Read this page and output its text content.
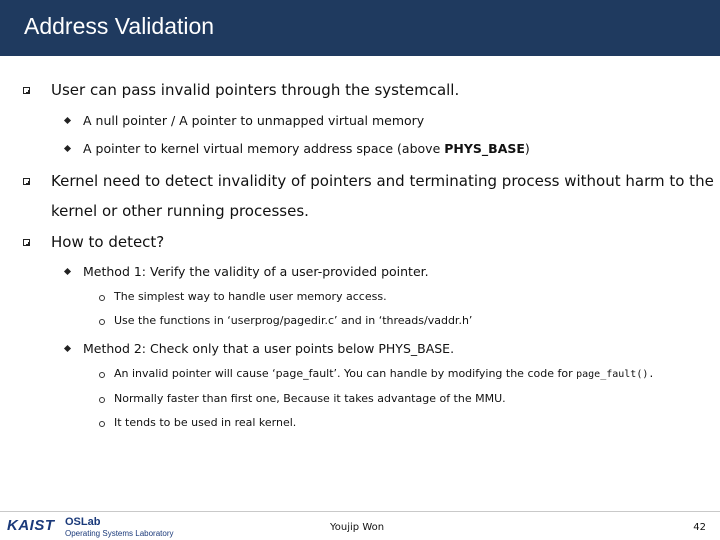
Address Validation
User can pass invalid pointers through the systemcall.
A null pointer / A pointer to unmapped virtual memory
A pointer to kernel virtual memory address space (above PHYS_BASE)
Kernel need to detect invalidity of pointers and terminating process without harm to the
kernel or other running processes.
How to detect?
Method 1: Verify the validity of a user-provided pointer.
The simplest way to handle user memory access.
Use the functions in ‘userprog/pagedir.c’ and in ‘threads/vaddr.h’
Method 2: Check only that a user points below PHYS_BASE.
An invalid pointer will cause ‘page_fault’. You can handle by modifying the code for page_fault().
Normally faster than first one, Because it takes advantage of the MMU.
It tends to be used in real kernel.
KAIST OSLab
Operating Systems Laboratory
Youjip Won	42
